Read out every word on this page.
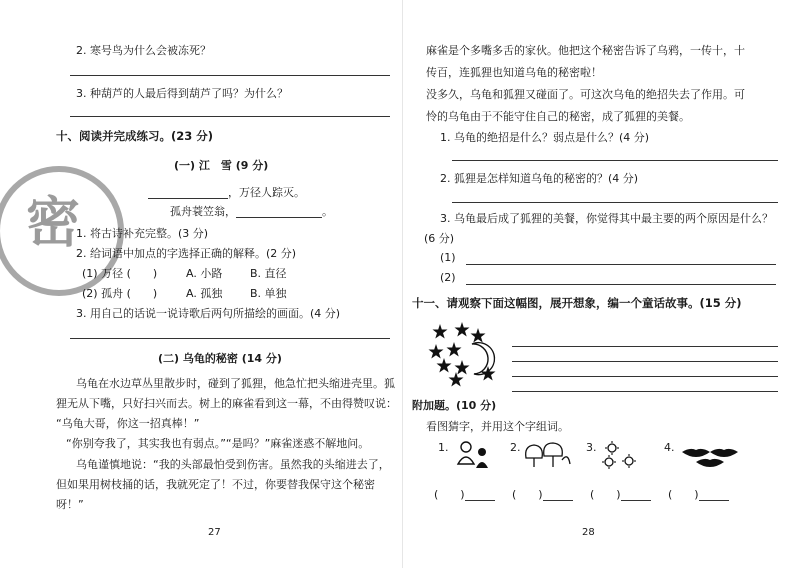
密
2. 寒号鸟为什么会被冻死？
3. 种葫芦的人最后得到葫芦了吗？为什么？
十、阅读并完成练习。(23 分)
(一) 江　雪 (9 分)
，万径人踪灭。
孤舟蓑笠翁，	。
1. 将古诗补充完整。(3 分)
2. 给词语中加点的字选择正确的解释。(2 分)
(1) 万径 (　　)	A. 小路	B. 直径
(2) 孤舟 (　　)	A. 孤独	B. 单独
3. 用自己的话说一说诗歌后两句所描绘的画面。(4 分)
(二) 乌龟的秘密 (14 分)
乌龟在水边草丛里散步时，碰到了狐狸，他急忙把头缩进壳里。狐
狸无从下嘴，只好扫兴而去。树上的麻雀看到这一幕，不由得赞叹说：
“乌龟大哥，你这一招真棒！”
“你别夸我了，其实我也有弱点。”“是吗？”麻雀迷惑不解地问。
乌龟谨慎地说：“我的头部最怕受到伤害。虽然我的头缩进去了，
但如果用树枝捅的话，我就死定了！不过，你要替我保守这个秘密
呀！”
27
麻雀是个多嘴多舌的家伙。他把这个秘密告诉了乌鸦，一传十，十
传百，连狐狸也知道乌龟的秘密啦！
没多久，乌龟和狐狸又碰面了。可这次乌龟的绝招失去了作用。可
怜的乌龟由于不能守住自己的秘密，成了狐狸的美餐。
1. 乌龟的绝招是什么？弱点是什么？(4 分)
2. 狐狸是怎样知道乌龟的秘密的？(4 分)
3. 乌龟最后成了狐狸的美餐，你觉得其中最主要的两个原因是什么？
(6 分)
(1)
(2)
十一、请观察下面这幅图，展开想象，编一个童话故事。(15 分)
附加题。(10 分)
看图猜字，并用这个字组词。
1.	2.	3.	4.
(　　)	(　　)	(　　)	(　　)
28
